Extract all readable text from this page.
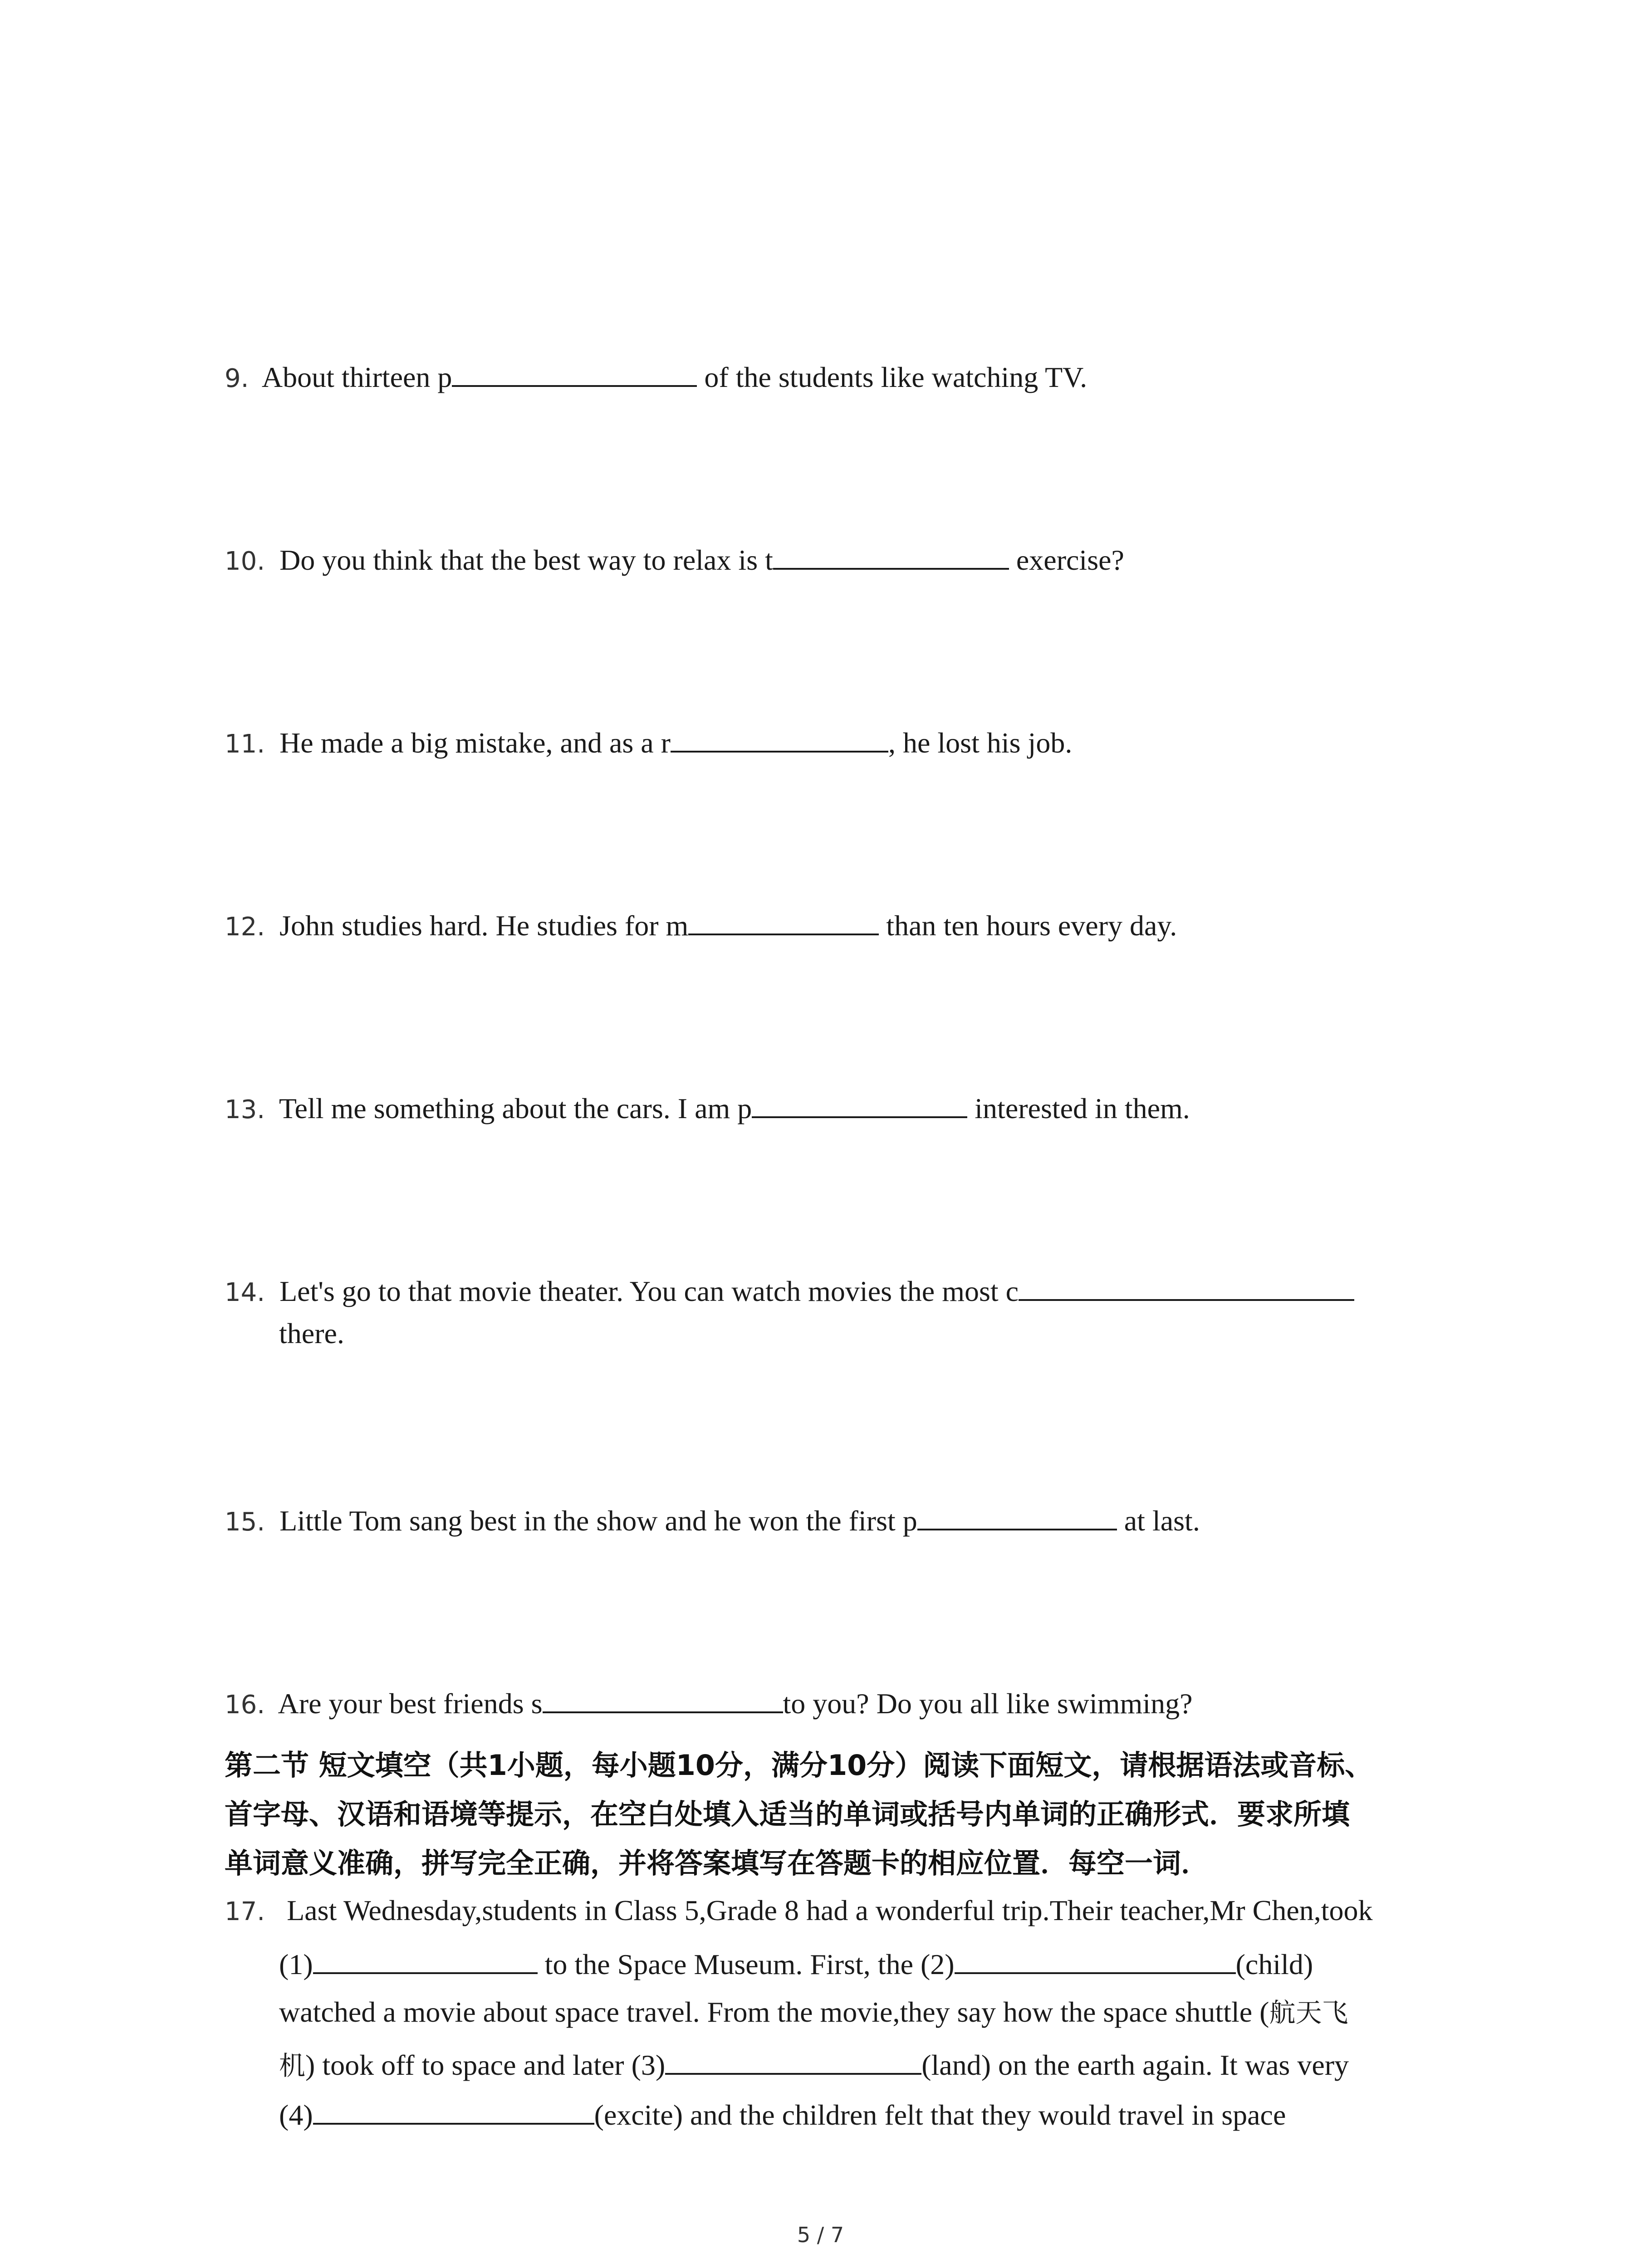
9. About thirteen p	of the students like watching TV.
10. Do you think that the best way to relax is t	exercise?
11. He made a big mistake, and as a r	, he lost his job.
12. John studies hard. He studies for m	than ten hours every day.
13. Tell me something about the cars. I am p	interested in them.
14. Let's go to that movie theater. You can watch movies the most c
there.
15. Little Tom sang best in the show and he won the first p	at last.
16. Are your best friends s	to you? Do you all like swimming?
第二节 短文填空（共1小题，每小题10分，满分10分）阅读下面短文，请根据语法或音标、
首字母、汉语和语境等提示，在空白处填入适当的单词或括号内单词的正确形式．要求所填
单词意义准确，拼写完全正确，并将答案填写在答题卡的相应位置．每空一词．
17. Last Wednesday,students in Class 5,Grade 8 had a wonderful trip.Their teacher,Mr Chen,took
(1)	to the Space Museum. First, the (2)	(child)
watched a movie about space travel. From the movie,they say how the space shuttle (航天飞
机) took off to space and later (3)	(land) on the earth again. It was very
(4)	(excite) and the children felt that they would travel in space
5 / 7
